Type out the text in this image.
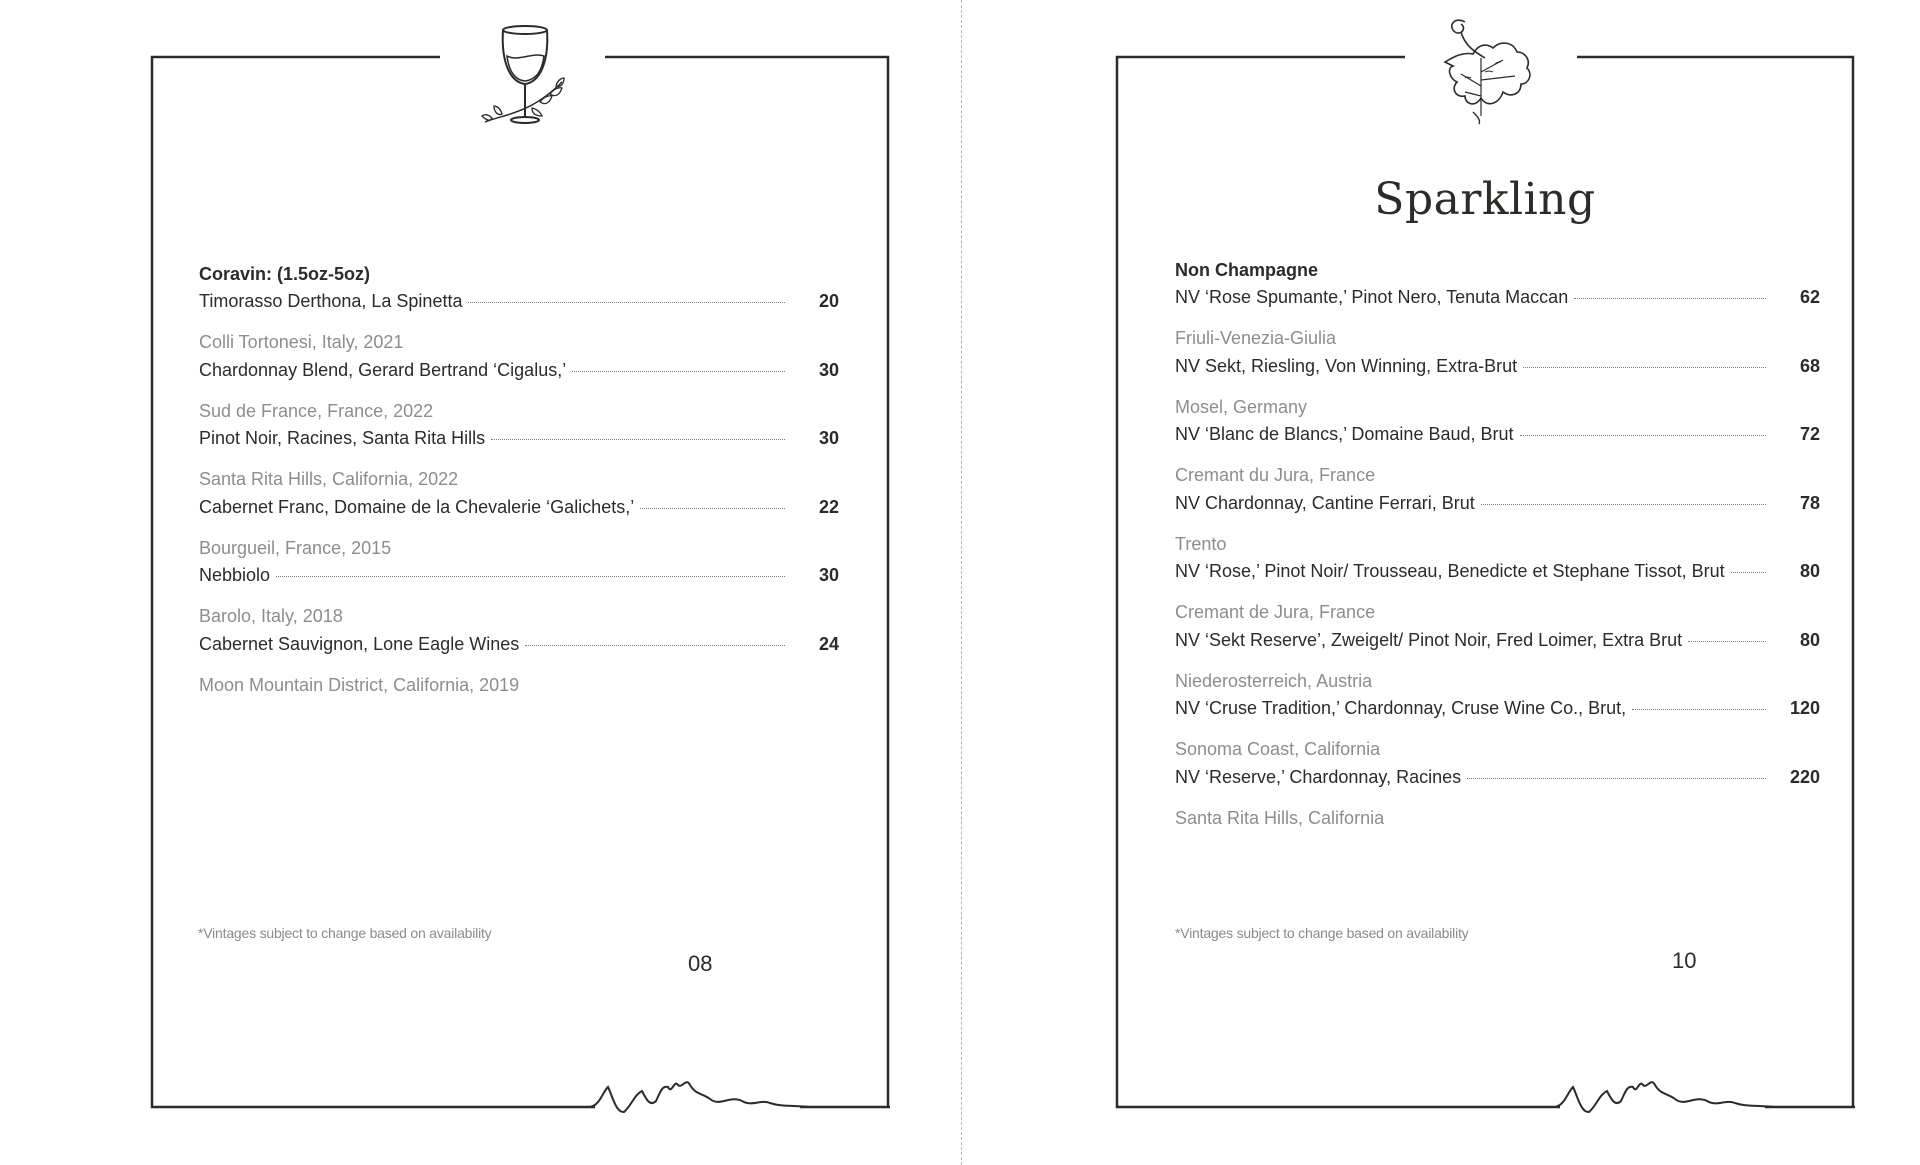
Coravin: (1.5oz-5oz)
Timorasso Derthona, La Spinetta	20
Colli Tortonesi, Italy, 2021
Chardonnay Blend, Gerard Bertrand ‘Cigalus,’	30
Sud de France, France, 2022
Pinot Noir, Racines, Santa Rita Hills	30
Santa Rita Hills, California, 2022
Cabernet Franc, Domaine de la Chevalerie ‘Galichets,’	22
Bourgueil, France, 2015
Nebbiolo	30
Barolo, Italy, 2018
Cabernet Sauvignon, Lone Eagle Wines	24
Moon Mountain District, California, 2019
*Vintages subject to change based on availability
08
Sparkling
Non Champagne
NV ‘Rose Spumante,’ Pinot Nero, Tenuta Maccan	62
Friuli-Venezia-Giulia
NV Sekt, Riesling, Von Winning, Extra-Brut	68
Mosel, Germany
NV ‘Blanc de Blancs,’ Domaine Baud, Brut	72
Cremant du Jura, France
NV Chardonnay, Cantine Ferrari, Brut	78
Trento
NV ‘Rose,’ Pinot Noir/ Trousseau, Benedicte et Stephane Tissot, Brut	80
Cremant de Jura, France
NV ‘Sekt Reserve’, Zweigelt/ Pinot Noir, Fred Loimer, Extra Brut	80
Niederosterreich, Austria
NV ‘Cruse Tradition,’ Chardonnay, Cruse Wine Co., Brut,	120
Sonoma Coast, California
NV ‘Reserve,’ Chardonnay, Racines	220
Santa Rita Hills, California
*Vintages subject to change based on availability
10
